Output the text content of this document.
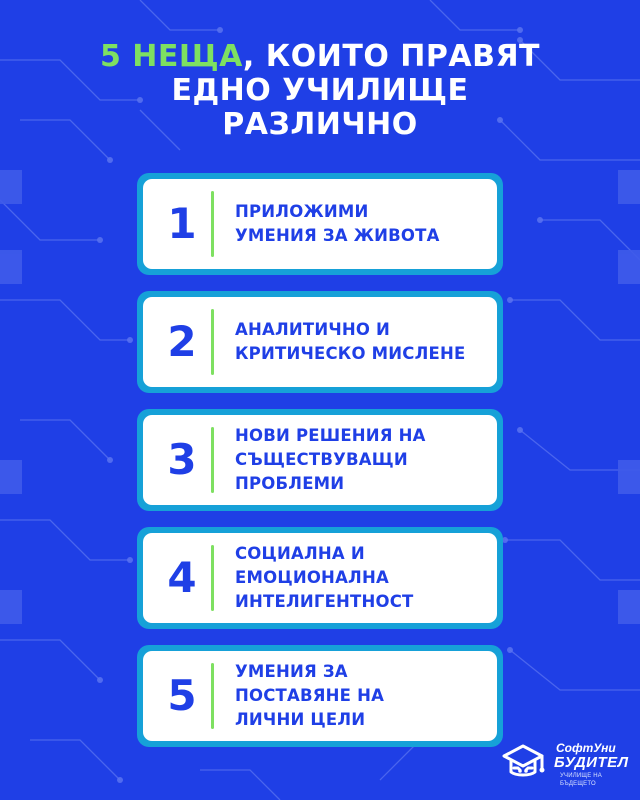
5 НЕЩА, КОИТО ПРАВЯТ
ЕДНО УЧИЛИЩЕ
РАЗЛИЧНО
1	ПРИЛОЖИМИ
УМЕНИЯ ЗА ЖИВОТА
2	АНАЛИТИЧНО И
КРИТИЧЕСКО МИСЛЕНЕ
3	НОВИ РЕШЕНИЯ НА
СЪЩЕСТВУВАЩИ
ПРОБЛЕМИ
4	СОЦИАЛНА И
ЕМОЦИОНАЛНА
ИНТЕЛИГЕНТНОСТ
5	УМЕНИЯ ЗА
ПОСТАВЯНЕ НА
ЛИЧНИ ЦЕЛИ
СофтУни
БУДИТЕЛ
УЧИЛИЩЕ НА БЪДЕЩЕТО
